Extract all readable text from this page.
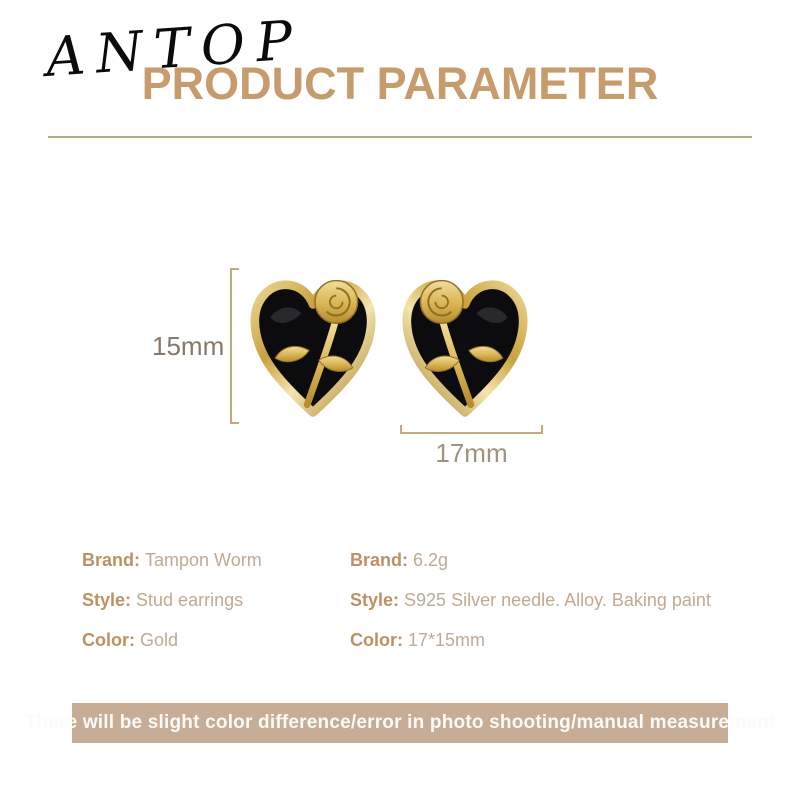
PRODUCT PARAMETER
ANTOP
15mm
17mm
Brand: Tampon Worm
Style: Stud earrings
Color: Gold
Brand: 6.2g
Style: S925 Silver needle. Alloy. Baking paint
Color: 17*15mm
There will be slight color difference/error in photo shooting/manual measurement
